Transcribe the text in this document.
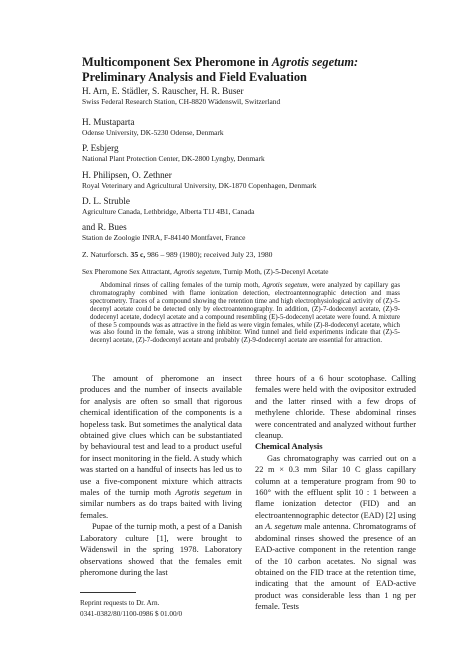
Multicomponent Sex Pheromone in Agrotis segetum:
Preliminary Analysis and Field Evaluation
H. Arn, E. Städler, S. Rauscher, H. R. Buser
Swiss Federal Research Station, CH-8820 Wädenswil, Switzerland
H. Mustaparta
Odense University, DK-5230 Odense, Denmark
P. Esbjerg
National Plant Protection Center, DK-2800 Lyngby, Denmark
H. Philipsen, O. Zethner
Royal Veterinary and Agricultural University, DK-1870 Copenhagen, Denmark
D. L. Struble
Agriculture Canada, Lethbridge, Alberta T1J 4B1, Canada
and R. Bues
Station de Zoologie INRA, F-84140 Montfavet, France

Z. Naturforsch. 35 c, 986 – 989 (1980); received July 23, 1980

Sex Pheromone Sex Attractant, Agrotis segetum, Turnip Moth, (Z)-5-Decenyl Acetate

Abdominal rinses of calling females of the turnip moth, Agrotis segetum, were analyzed by capillary gas chromatography combined with flame ionization detection, electroantennographic detection and mass spectrometry. Traces of a compound showing the retention time and high electrophysiological activity of (Z)-5-decenyl acetate could be detected only by electroantennography. In addition, (Z)-7-dodecenyl acetate, (Z)-9-dodecenyl acetate, dodecyl acetate and a compound resembling (E)-5-dodecenyl acetate were found. A mixture of these 5 compounds was as attractive in the field as were virgin females, while (Z)-8-dodecenyl acetate, which was also found in the female, was a strong inhibitor. Wind tunnel and field experiments indicate that (Z)-5-decenyl acetate, (Z)-7-dodecenyl acetate and probably (Z)-9-dodecenyl acetate are essential for attraction.

The amount of pheromone an insect produces and the number of insects available for analysis are often so small that rigorous chemical identification of the components is a hopeless task. But sometimes the analytical data obtained give clues which can be substantiated by behavioural test and lead to a product useful for insect monitoring in the field. A study which was started on a handful of insects has led us to use a five-component mixture which attracts males of the turnip moth Agrotis segetum in similar numbers as do traps baited with living females.

Pupae of the turnip moth, a pest of a Danish Laboratory culture [1], were brought to Wädenswil in the spring 1978. Laboratory observations showed that the females emit pheromone during the last

three hours of a 6 hour scotophase. Calling females were held with the ovipositor extruded and the latter rinsed with a few drops of methylene chloride. These abdominal rinses were concentrated and analyzed without further cleanup.

Chemical Analysis

Gas chromatography was carried out on a 22 m × 0.3 mm Silar 10 C glass capillary column at a temperature program from 90 to 160° with the effluent split 10 : 1 between a flame ionization detector (FID) and an electroantennographic detector (EAD) [2] using an A. segetum male antenna. Chromatograms of abdominal rinses showed the presence of an EAD-active component in the retention range of the 10 carbon acetates. No signal was obtained on the FID trace at the retention time, indicating that the amount of EAD-active product was considerable less than 1 ng per female. Tests

Reprint requests to Dr. Arn.

0341-0382/80/1100-0986 $ 01.00/0
